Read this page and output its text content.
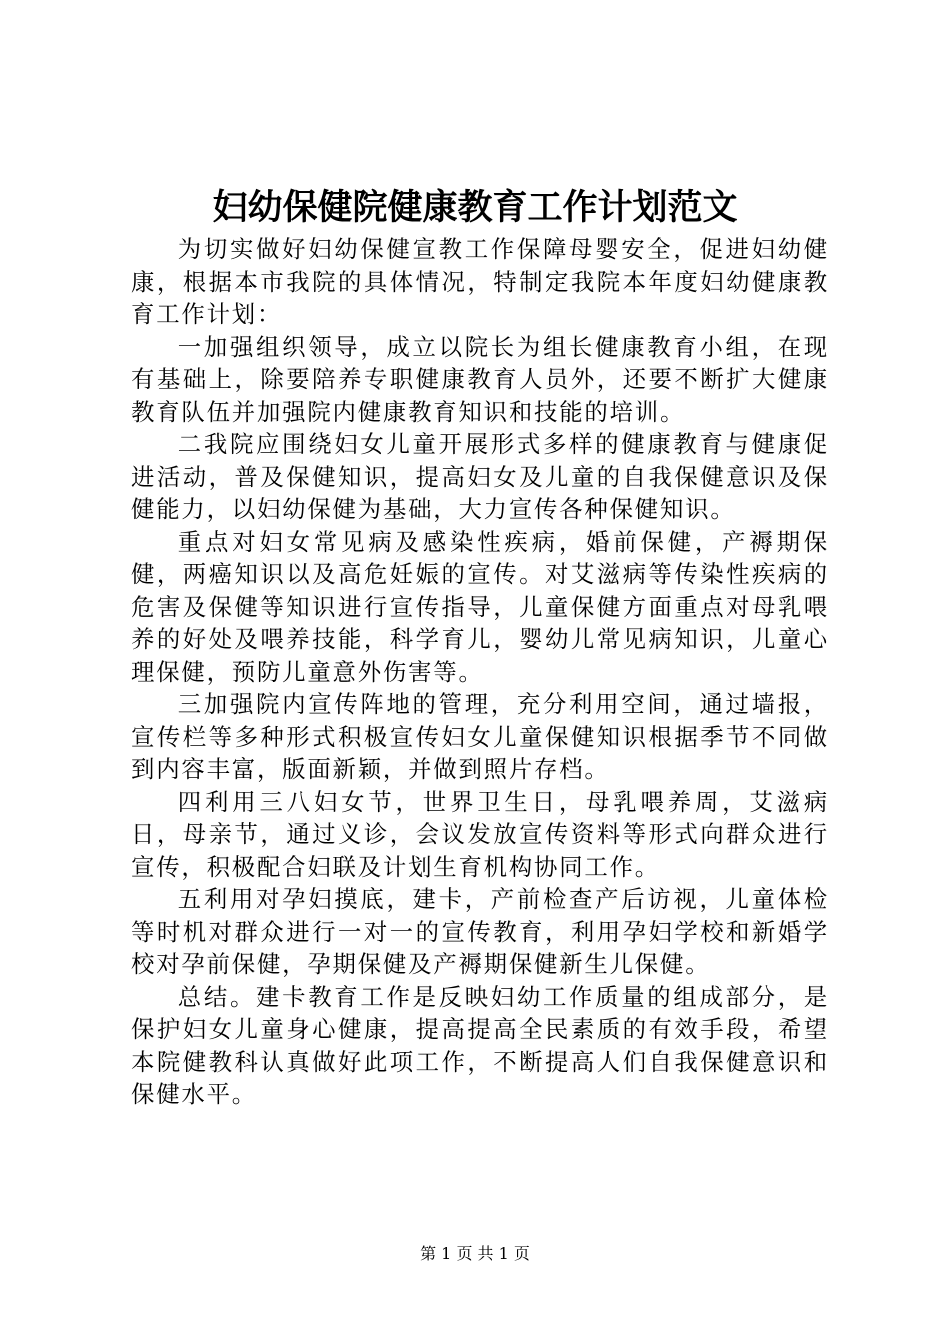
妇幼保健院健康教育工作计划范文

为切实做好妇幼保健宣教工作保障母婴安全，促进妇幼健康，根据本市我院的具体情况，特制定我院本年度妇幼健康教育工作计划：

一加强组织领导，成立以院长为组长健康教育小组，在现有基础上，除要陪养专职健康教育人员外，还要不断扩大健康教育队伍并加强院内健康教育知识和技能的培训。

二我院应围绕妇女儿童开展形式多样的健康教育与健康促进活动，普及保健知识，提高妇女及儿童的自我保健意识及保健能力，以妇幼保健为基础，大力宣传各种保健知识。

重点对妇女常见病及感染性疾病，婚前保健，产褥期保健，两癌知识以及高危妊娠的宣传。对艾滋病等传染性疾病的危害及保健等知识进行宣传指导，儿童保健方面重点对母乳喂养的好处及喂养技能，科学育儿，婴幼儿常见病知识，儿童心理保健，预防儿童意外伤害等。

三加强院内宣传阵地的管理，充分利用空间，通过墙报，宣传栏等多种形式积极宣传妇女儿童保健知识根据季节不同做到内容丰富，版面新颖，并做到照片存档。

四利用三八妇女节，世界卫生日，母乳喂养周，艾滋病日，母亲节，通过义诊，会议发放宣传资料等形式向群众进行宣传，积极配合妇联及计划生育机构协同工作。

五利用对孕妇摸底，建卡，产前检查产后访视，儿童体检等时机对群众进行一对一的宣传教育，利用孕妇学校和新婚学校对孕前保健，孕期保健及产褥期保健新生儿保健。

总结。建卡教育工作是反映妇幼工作质量的组成部分，是保护妇女儿童身心健康，提高提高全民素质的有效手段，希望本院健教科认真做好此项工作，不断提高人们自我保健意识和保健水平。

第 1 页 共 1 页
